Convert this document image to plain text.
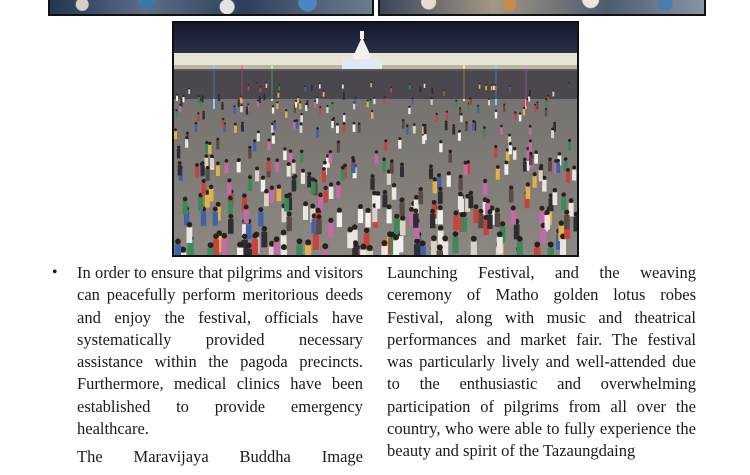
• In order to ensure that pilgrims and visitors can peacefully perform meritorious deeds and enjoy the festival, officials have systematically provided necessary assistance within the pagoda precincts. Furthermore, medical clinics have been established to provide emergency healthcare.

The Maravijaya Buddha Image

Launching Festival, and the weaving ceremony of Matho golden lotus robes Festival, along with music and theatrical performances and market fair. The festival was particularly lively and well-attended due to the enthusiastic and overwhelming participation of pilgrims from all over the country, who were able to fully experience the beauty and spirit of the Tazaungdaing
